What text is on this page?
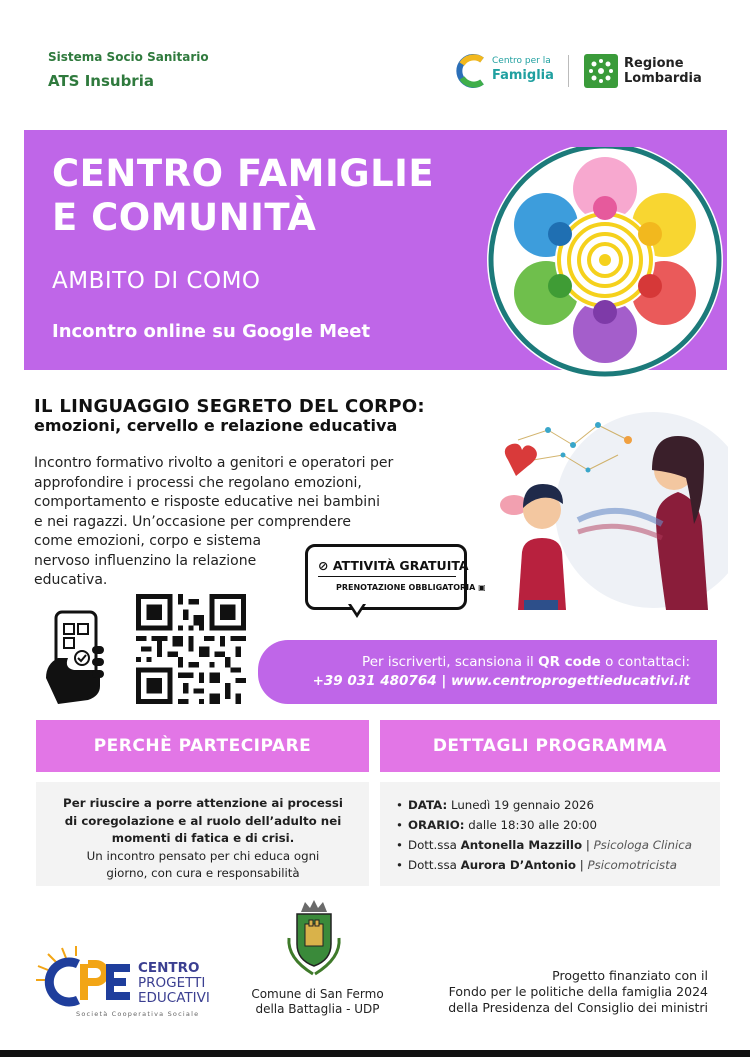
Sistema Socio Sanitario
ATS Insubria
Centro per la
Famiglia
Regione
Lombardia
CENTRO FAMIGLIE
E COMUNITÀ
AMBITO DI COMO
Incontro online su Google Meet
IL LINGUAGGIO SEGRETO DEL CORPO:
emozioni, cervello e relazione educativa
Incontro formativo rivolto a genitori e operatori per
approfondire i processi che regolano emozioni,
comportamento e risposte educative nei bambini
e nei ragazzi. Un’occasione per comprendere
come emozioni, corpo e sistema
nervoso influenzino la relazione
educativa.
⊘ ATTIVITÀ GRATUITA
PRENOTAZIONE OBBLIGATORIA ▣
Per iscriverti, scansiona il QR code o contattaci:
+39 031 480764 | www.centroprogettieducativi.it
PERCHÈ PARTECIPARE	DETTAGLI PROGRAMMA
Per riuscire a porre attenzione ai processi
di coregolazione e al ruolo dell’adulto nei
momenti di fatica e di crisi.
Un incontro pensato per chi educa ogni
giorno, con cura e responsabilità
• DATA: Lunedì 19 gennaio 2026
• ORARIO: dalle 18:30 alle 20:00
• Dott.ssa Antonella Mazzillo | Psicologa Clinica
• Dott.ssa Aurora D’Antonio | Psicomotricista
CENTRO
PROGETTI
EDUCATIVI
Società Cooperativa Sociale
Comune di San Fermo
della Battaglia - UDP
Progetto finanziato con il
Fondo per le politiche della famiglia 2024
della Presidenza del Consiglio dei ministri
